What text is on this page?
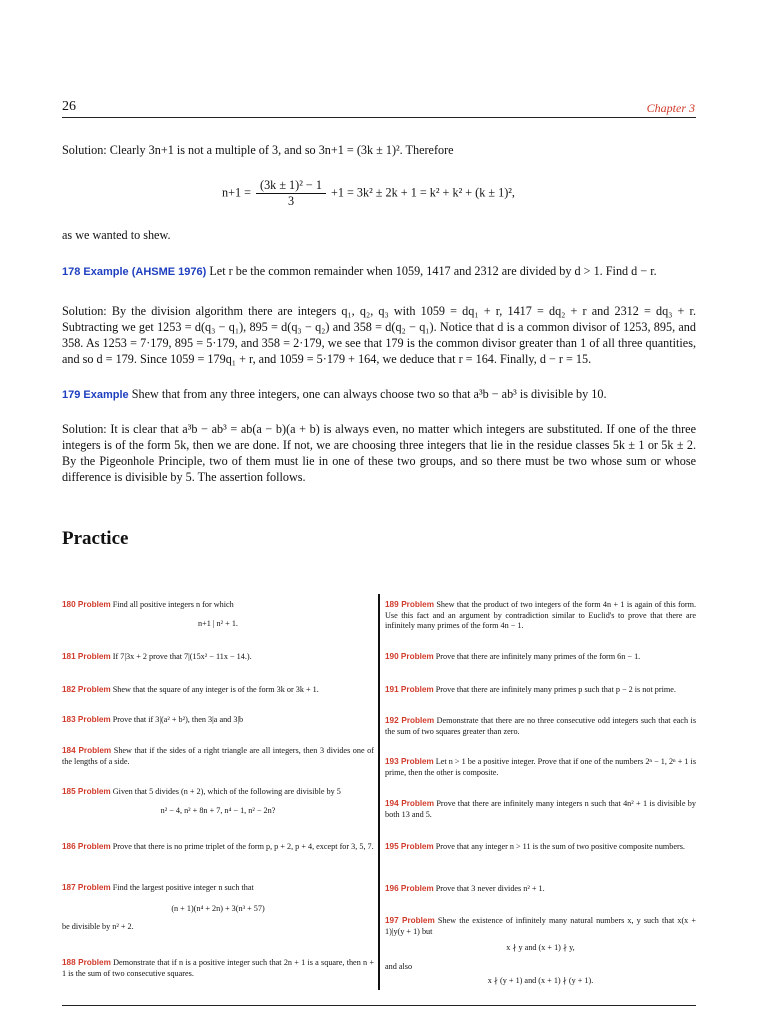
26	Chapter 3
Solution: Clearly 3n+1 is not a multiple of 3, and so 3n+1 = (3k ± 1)². Therefore
$n+1 = \frac{\text{(3k ± 1)² − 1}}{3} +1 = 3k^2 \pm 2k + 1 = k^2 + k^2 + (k \pm 1)^2$,
as we wanted to shew.
178 Example (AHSME 1976) Let r be the common remainder when 1059, 1417 and 2312 are divided by d > 1. Find d − r.
Solution: By the division algorithm there are integers q₁, q₂, q₃ with 1059 = dq₁ + r, 1417 = dq₂ + r and 2312 = dq₃ + r. Subtracting we get 1253 = d(q₃ − q₁), 895 = d(q₃ − q₂) and 358 = d(q₂ − q₁). Notice that d is a common divisor of 1253, 895, and 358. As 1253 = 7·179, 895 = 5·179, and 358 = 2·179, we see that 179 is the common divisor greater than 1 of all three quantities, and so d = 179. Since 1059 = 179q₁ + r, and 1059 = 5·179 + 164, we deduce that r = 164. Finally, d − r = 15.
179 Example Shew that from any three integers, one can always choose two so that a³b − ab³ is divisible by 10.
Solution: It is clear that a³b − ab³ = ab(a − b)(a + b) is always even, no matter which integers are substituted. If one of the three integers is of the form 5k, then we are done. If not, we are choosing three integers that lie in the residue classes 5k ± 1 or 5k ± 2. By the Pigeonhole Principle, two of them must lie in one of these two groups, and so there must be two whose sum or whose difference is divisible by 5. The assertion follows.
Practice
180 Problem Find all positive integers n for which
n+1 | n² + 1.
181 Problem If 7|3x + 2 prove that 7|(15x² − 11x − 14.).
182 Problem Shew that the square of any integer is of the form 3k or 3k + 1.
183 Problem Prove that if 3|(a² + b²), then 3|a and 3|b
184 Problem Shew that if the sides of a right triangle are all integers, then 3 divides one of the lengths of a side.
185 Problem Given that 5 divides (n + 2), which of the following are divisible by 5
n² − 4, n² + 8n + 7, n⁴ − 1, n² − 2n?
186 Problem Prove that there is no prime triplet of the form p, p + 2, p + 4, except for 3, 5, 7.
187 Problem Find the largest positive integer n such that
(n + 1)(n⁴ + 2n) + 3(n³ + 57)
be divisible by n² + 2.
188 Problem Demonstrate that if n is a positive integer such that 2n + 1 is a square, then n + 1 is the sum of two consecutive squares.
189 Problem Shew that the product of two integers of the form 4n + 1 is again of this form. Use this fact and an argument by contradiction similar to Euclid's to prove that there are infinitely many primes of the form 4n − 1.
190 Problem Prove that there are infinitely many primes of the form 6n − 1.
191 Problem Prove that there are infinitely many primes p such that p − 2 is not prime.
192 Problem Demonstrate that there are no three consecutive odd integers such that each is the sum of two squares greater than zero.
193 Problem Let n > 1 be a positive integer. Prove that if one of the numbers 2ⁿ − 1, 2ⁿ + 1 is prime, then the other is composite.
194 Problem Prove that there are infinitely many integers n such that 4n² + 1 is divisible by both 13 and 5.
195 Problem Prove that any integer n > 11 is the sum of two positive composite numbers.
196 Problem Prove that 3 never divides n² + 1.
197 Problem Shew the existence of infinitely many natural numbers x, y such that x(x + 1)|y(y + 1) but
x ∤ y and (x + 1) ∤ y,
and also
x ∤ (y + 1) and (x + 1) ∤ (y + 1).
